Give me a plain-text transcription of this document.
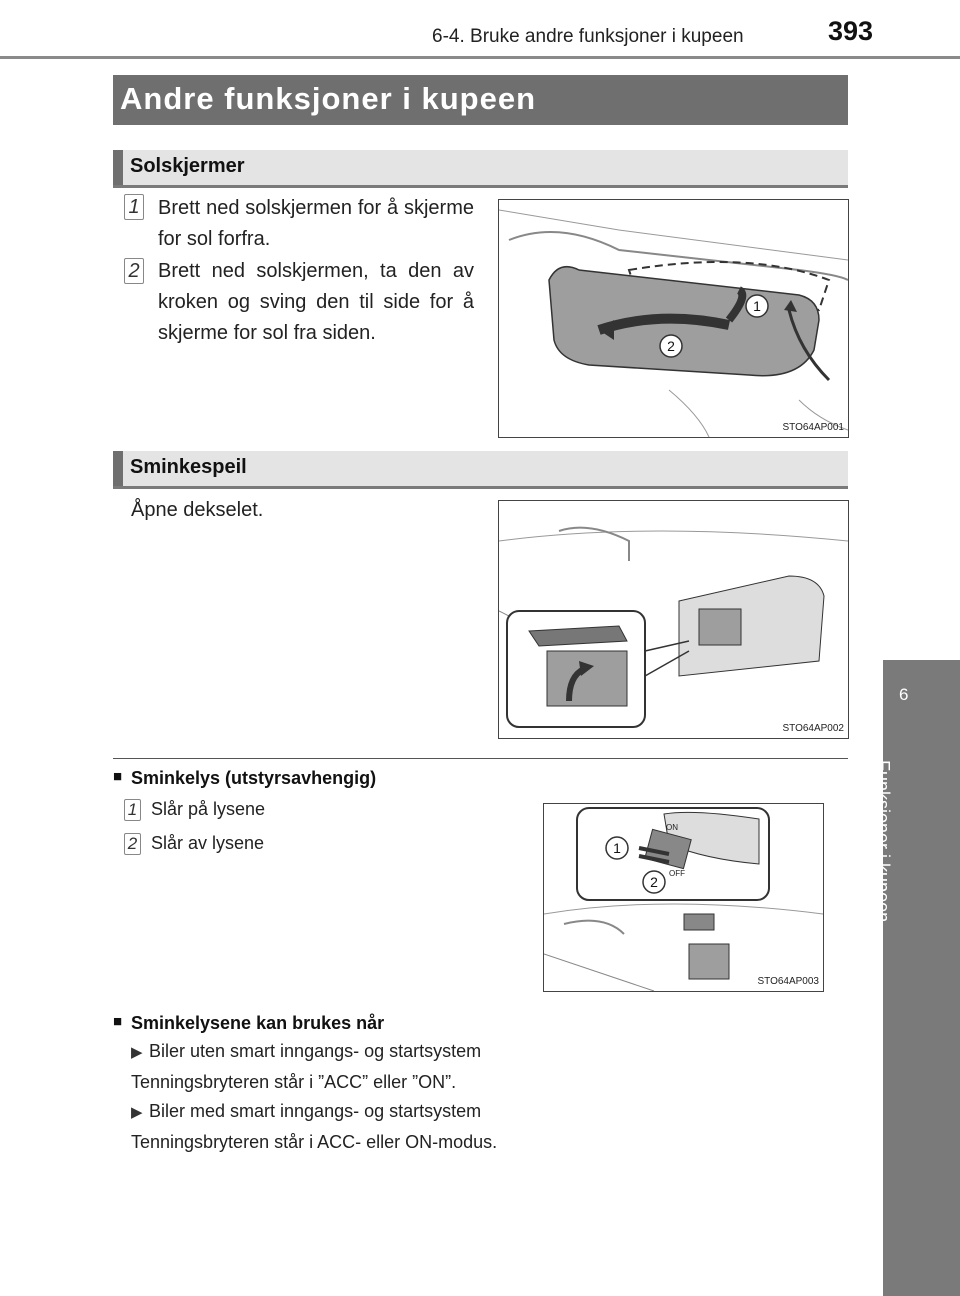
6-4. Bruke andre funksjoner i kupeen	393
Andre funksjoner i kupeen
Solskjermer
1 Brett ned solskjermen for å skjerme for sol forfra.
2 Brett ned solskjermen, ta den av kroken og sving den til side for å skjerme for sol fra siden.
1
2
STO64AP001
Sminkespeil
Åpne dekselet.
STO64AP002
■ Sminkelys (utstyrsavhengig)
1 Slår på lysene
2 Slår av lysene
ON
OFF
1
2
STO64AP003
■ Sminkelysene kan brukes når
▶ Biler uten smart inngangs- og startsystem
Tenningsbryteren står i ”ACC” eller ”ON”.
▶ Biler med smart inngangs- og startsystem
Tenningsbryteren står i ACC- eller ON-modus.
6
Funksjoner i kupeen
